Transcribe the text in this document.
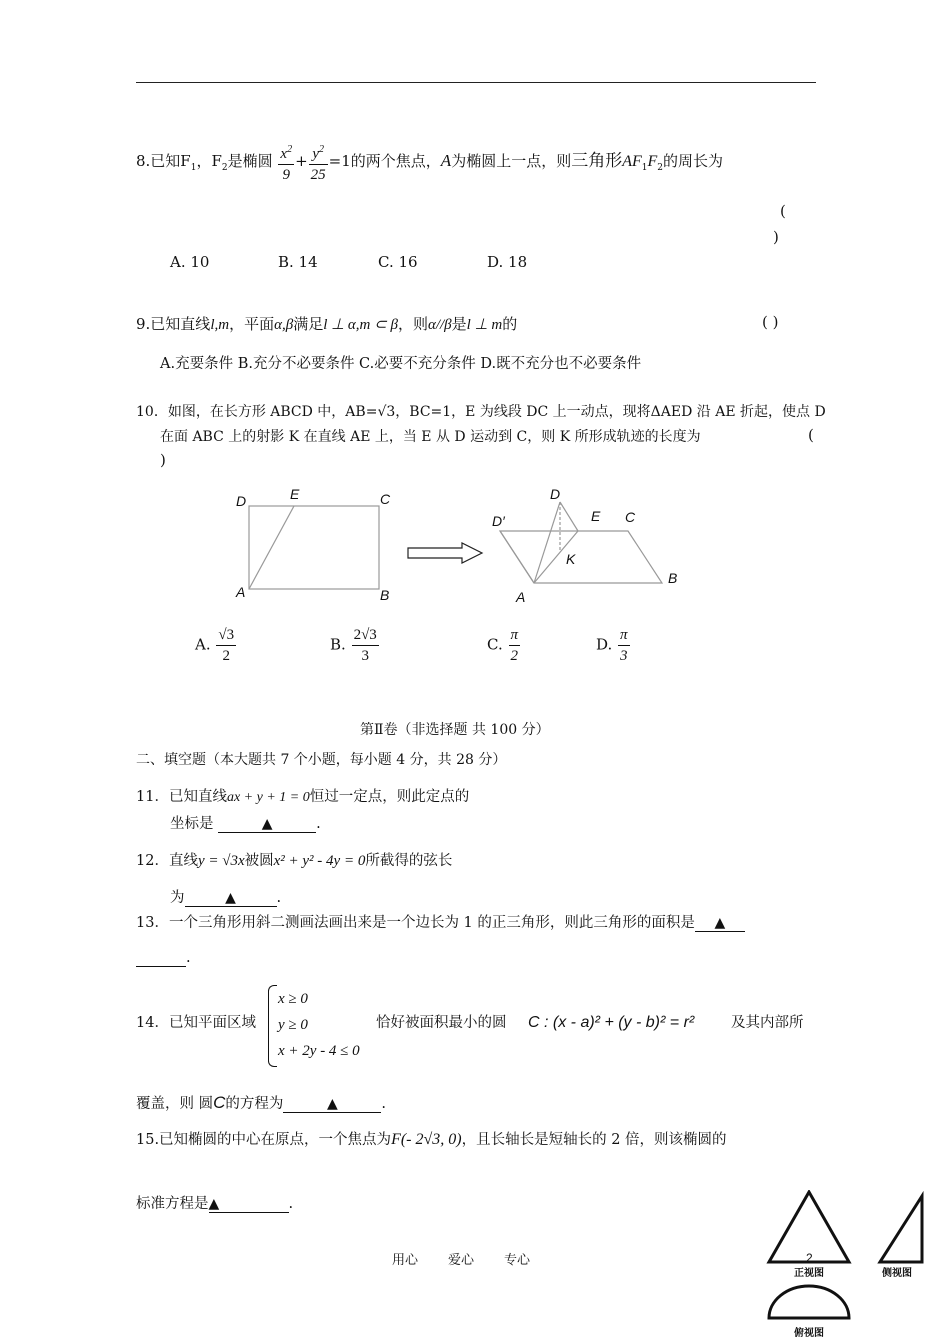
8.已知$F_1$，$F_2$是椭圆 $\frac{x^2}{9} + \frac{y^2}{25} =1$的两个焦点，A为椭圆上一点，则三角形$AF_1F_2$的周长为
(
)
A. 10	B. 14	C. 16	D. 18
9.已知直线l,m，平面α,β满足l ⊥ α,m ⊂ β，则α//β是l ⊥ m的	( )
A.充要条件 B.充分不必要条件 C.必要不充分条件 D.既不充分也不必要条件
10．如图，在长方形 ABCD 中，AB=√3，BC=1，E 为线段 DC 上一动点，现将ΔAED 沿 AE 折起，使点 D
在面 ABC 上的射影 K 在直线 AE 上，当 E 从 D 运动到 C，则 K 所形成轨迹的长度为	(
)
D	E	C
A	B
D
D′	E C
K
A
B
A. $\frac{√3}{2}$	B. $\frac{2√3}{3}$	C. $\frac{\pi}{2}$	D. $\frac{\pi}{3}$
第Ⅱ卷（非选择题 共 100 分）
二、填空题（本大题共 7 个小题，每小题 4 分，共 28 分）
11．已知直线ax + y + 1 = 0恒过一定点，则此定点的
坐标是	▲	.
12．直线y = √3x被圆x² + y² - 4y = 0所截得的弦长
为	▲	.
13．一个三角形用斜二测画法画出来是一个边长为 1 的正三角形，则此三角形的面积是 ▲
.
14．已知平面区域
x ≥ 0
y ≥ 0
x + 2y - 4 ≤ 0
恰好被面积最小的圆 C : (x - a)² + (y - b)² = r²	及其内部所
覆盖，则 圆C的方程为	▲	.
15.已知椭圆的中心在原点，一个焦点为F(- 2√3, 0)，且长轴长是短轴长的 2 倍，则该椭圆的
标准方程是▲	.
用心 爱心 专心	2
正视图	侧视图
俯视图
